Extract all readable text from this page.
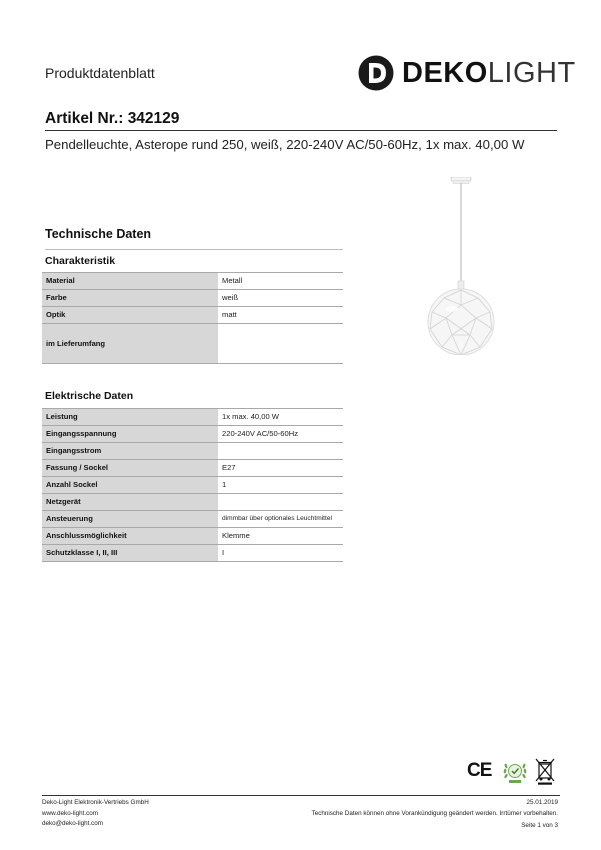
Produktdatenblatt	DEKOLIGHT
Artikel Nr.: 342129
Pendelleuchte, Asterope rund 250, weiß, 220-240V AC/50-60Hz, 1x max. 40,00 W
Technische Daten
Charakteristik
Material	Metall
Farbe	weiß
Optik	matt
im Lieferumfang	
Elektrische Daten
Leistung	1x max. 40,00 W
Eingangsspannung	220-240V AC/50-60Hz
Eingangsstrom	
Fassung / Sockel	E27
Anzahl Sockel	1
Netzgerät	
Ansteuerung	dimmbar über optionales Leuchtmittel
Anschlussmöglichkeit	Klemme
Schutzklasse I, II, III	I
CE
Deko-Light Elektronik-Vertriebs GmbH
www.deko-light.com
deko@deko-light.com
25.01.2019
Technische Daten können ohne Vorankündigung geändert werden. Irrtümer vorbehalten.
Seite 1 von 3
